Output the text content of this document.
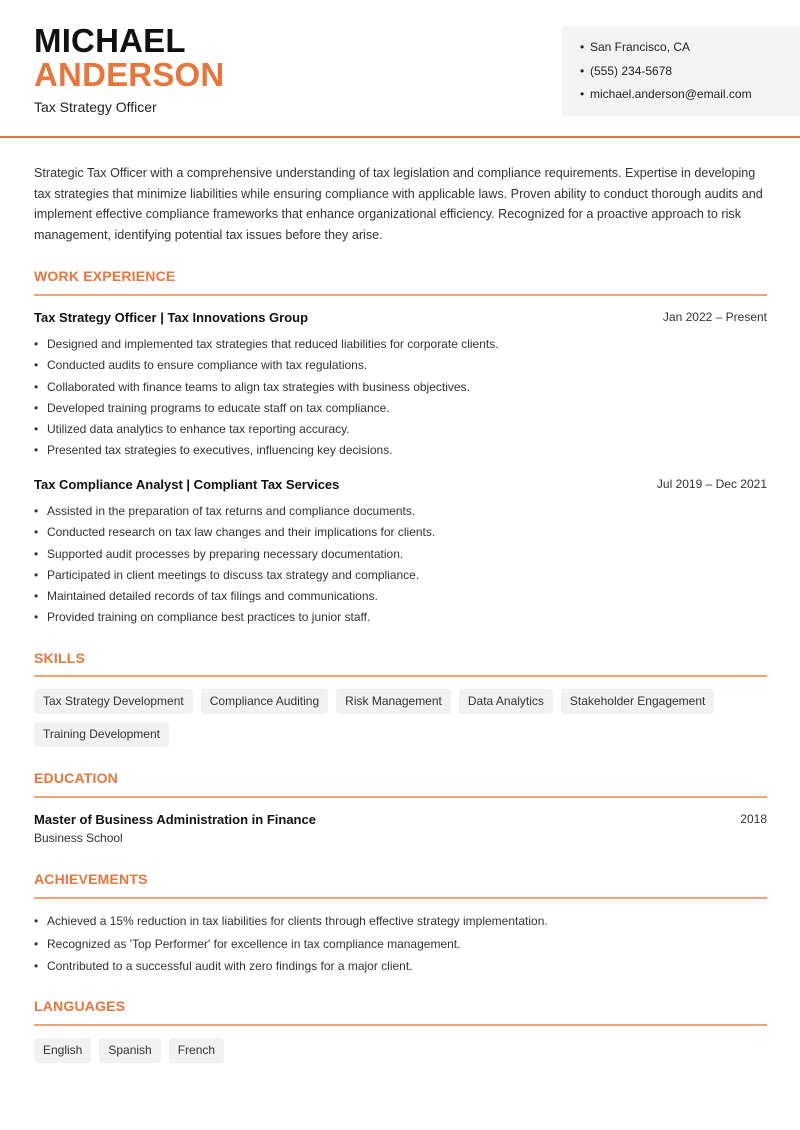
MICHAEL
ANDERSON
Tax Strategy Officer
• San Francisco, CA
• (555) 234-5678
• michael.anderson@email.com

Strategic Tax Officer with a comprehensive understanding of tax legislation and compliance requirements. Expertise in developing tax strategies that minimize liabilities while ensuring compliance with applicable laws. Proven ability to conduct thorough audits and implement effective compliance frameworks that enhance organizational efficiency. Recognized for a proactive approach to risk management, identifying potential tax issues before they arise.

WORK EXPERIENCE
Tax Strategy Officer | Tax Innovations Group	Jan 2022 – Present
• Designed and implemented tax strategies that reduced liabilities for corporate clients.
• Conducted audits to ensure compliance with tax regulations.
• Collaborated with finance teams to align tax strategies with business objectives.
• Developed training programs to educate staff on tax compliance.
• Utilized data analytics to enhance tax reporting accuracy.
• Presented tax strategies to executives, influencing key decisions.
Tax Compliance Analyst | Compliant Tax Services	Jul 2019 – Dec 2021
• Assisted in the preparation of tax returns and compliance documents.
• Conducted research on tax law changes and their implications for clients.
• Supported audit processes by preparing necessary documentation.
• Participated in client meetings to discuss tax strategy and compliance.
• Maintained detailed records of tax filings and communications.
• Provided training on compliance best practices to junior staff.
SKILLS
Tax Strategy Development	Compliance Auditing	Risk Management	Data Analytics	Stakeholder Engagement
Training Development
EDUCATION
Master of Business Administration in Finance	2018
Business School
ACHIEVEMENTS
• Achieved a 15% reduction in tax liabilities for clients through effective strategy implementation.
• Recognized as 'Top Performer' for excellence in tax compliance management.
• Contributed to a successful audit with zero findings for a major client.
LANGUAGES
English	Spanish	French
